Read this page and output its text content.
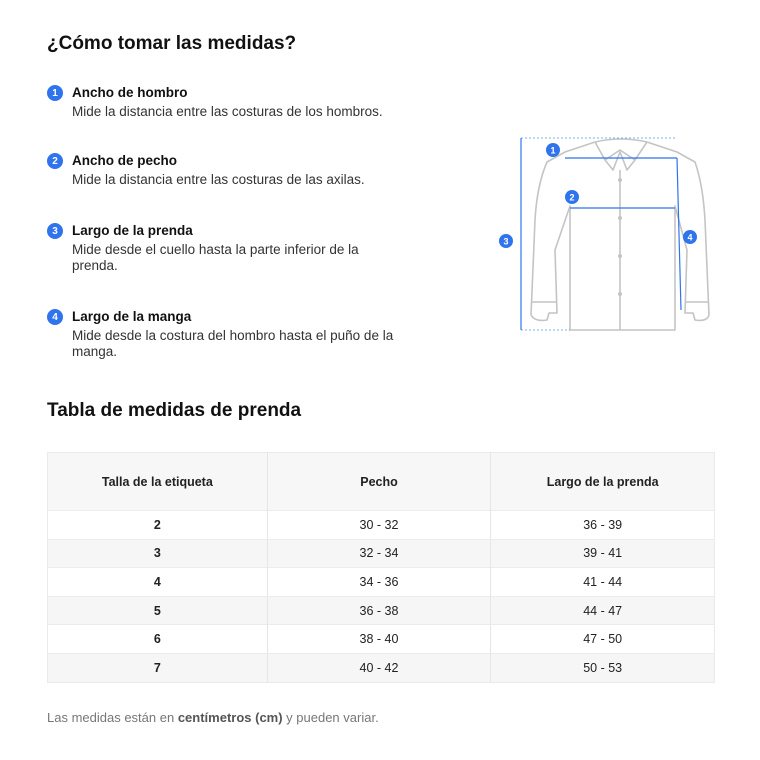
¿Cómo tomar las medidas?
1	Ancho de hombro
Mide la distancia entre las costuras de los hombros.
2	Ancho de pecho
Mide la distancia entre las costuras de las axilas.
3	Largo de la prenda
Mide desde el cuello hasta la parte inferior de la prenda.
4	Largo de la manga
Mide desde la costura del hombro hasta el puño de la manga.
1
2
3	4
Tabla de medidas de prenda
Talla de la etiqueta	Pecho	Largo de la prenda
2	30 - 32	36 - 39
3	32 - 34	39 - 41
4	34 - 36	41 - 44
5	36 - 38	44 - 47
6	38 - 40	47 - 50
7	40 - 42	50 - 53
Las medidas están en centímetros (cm) y pueden variar.
